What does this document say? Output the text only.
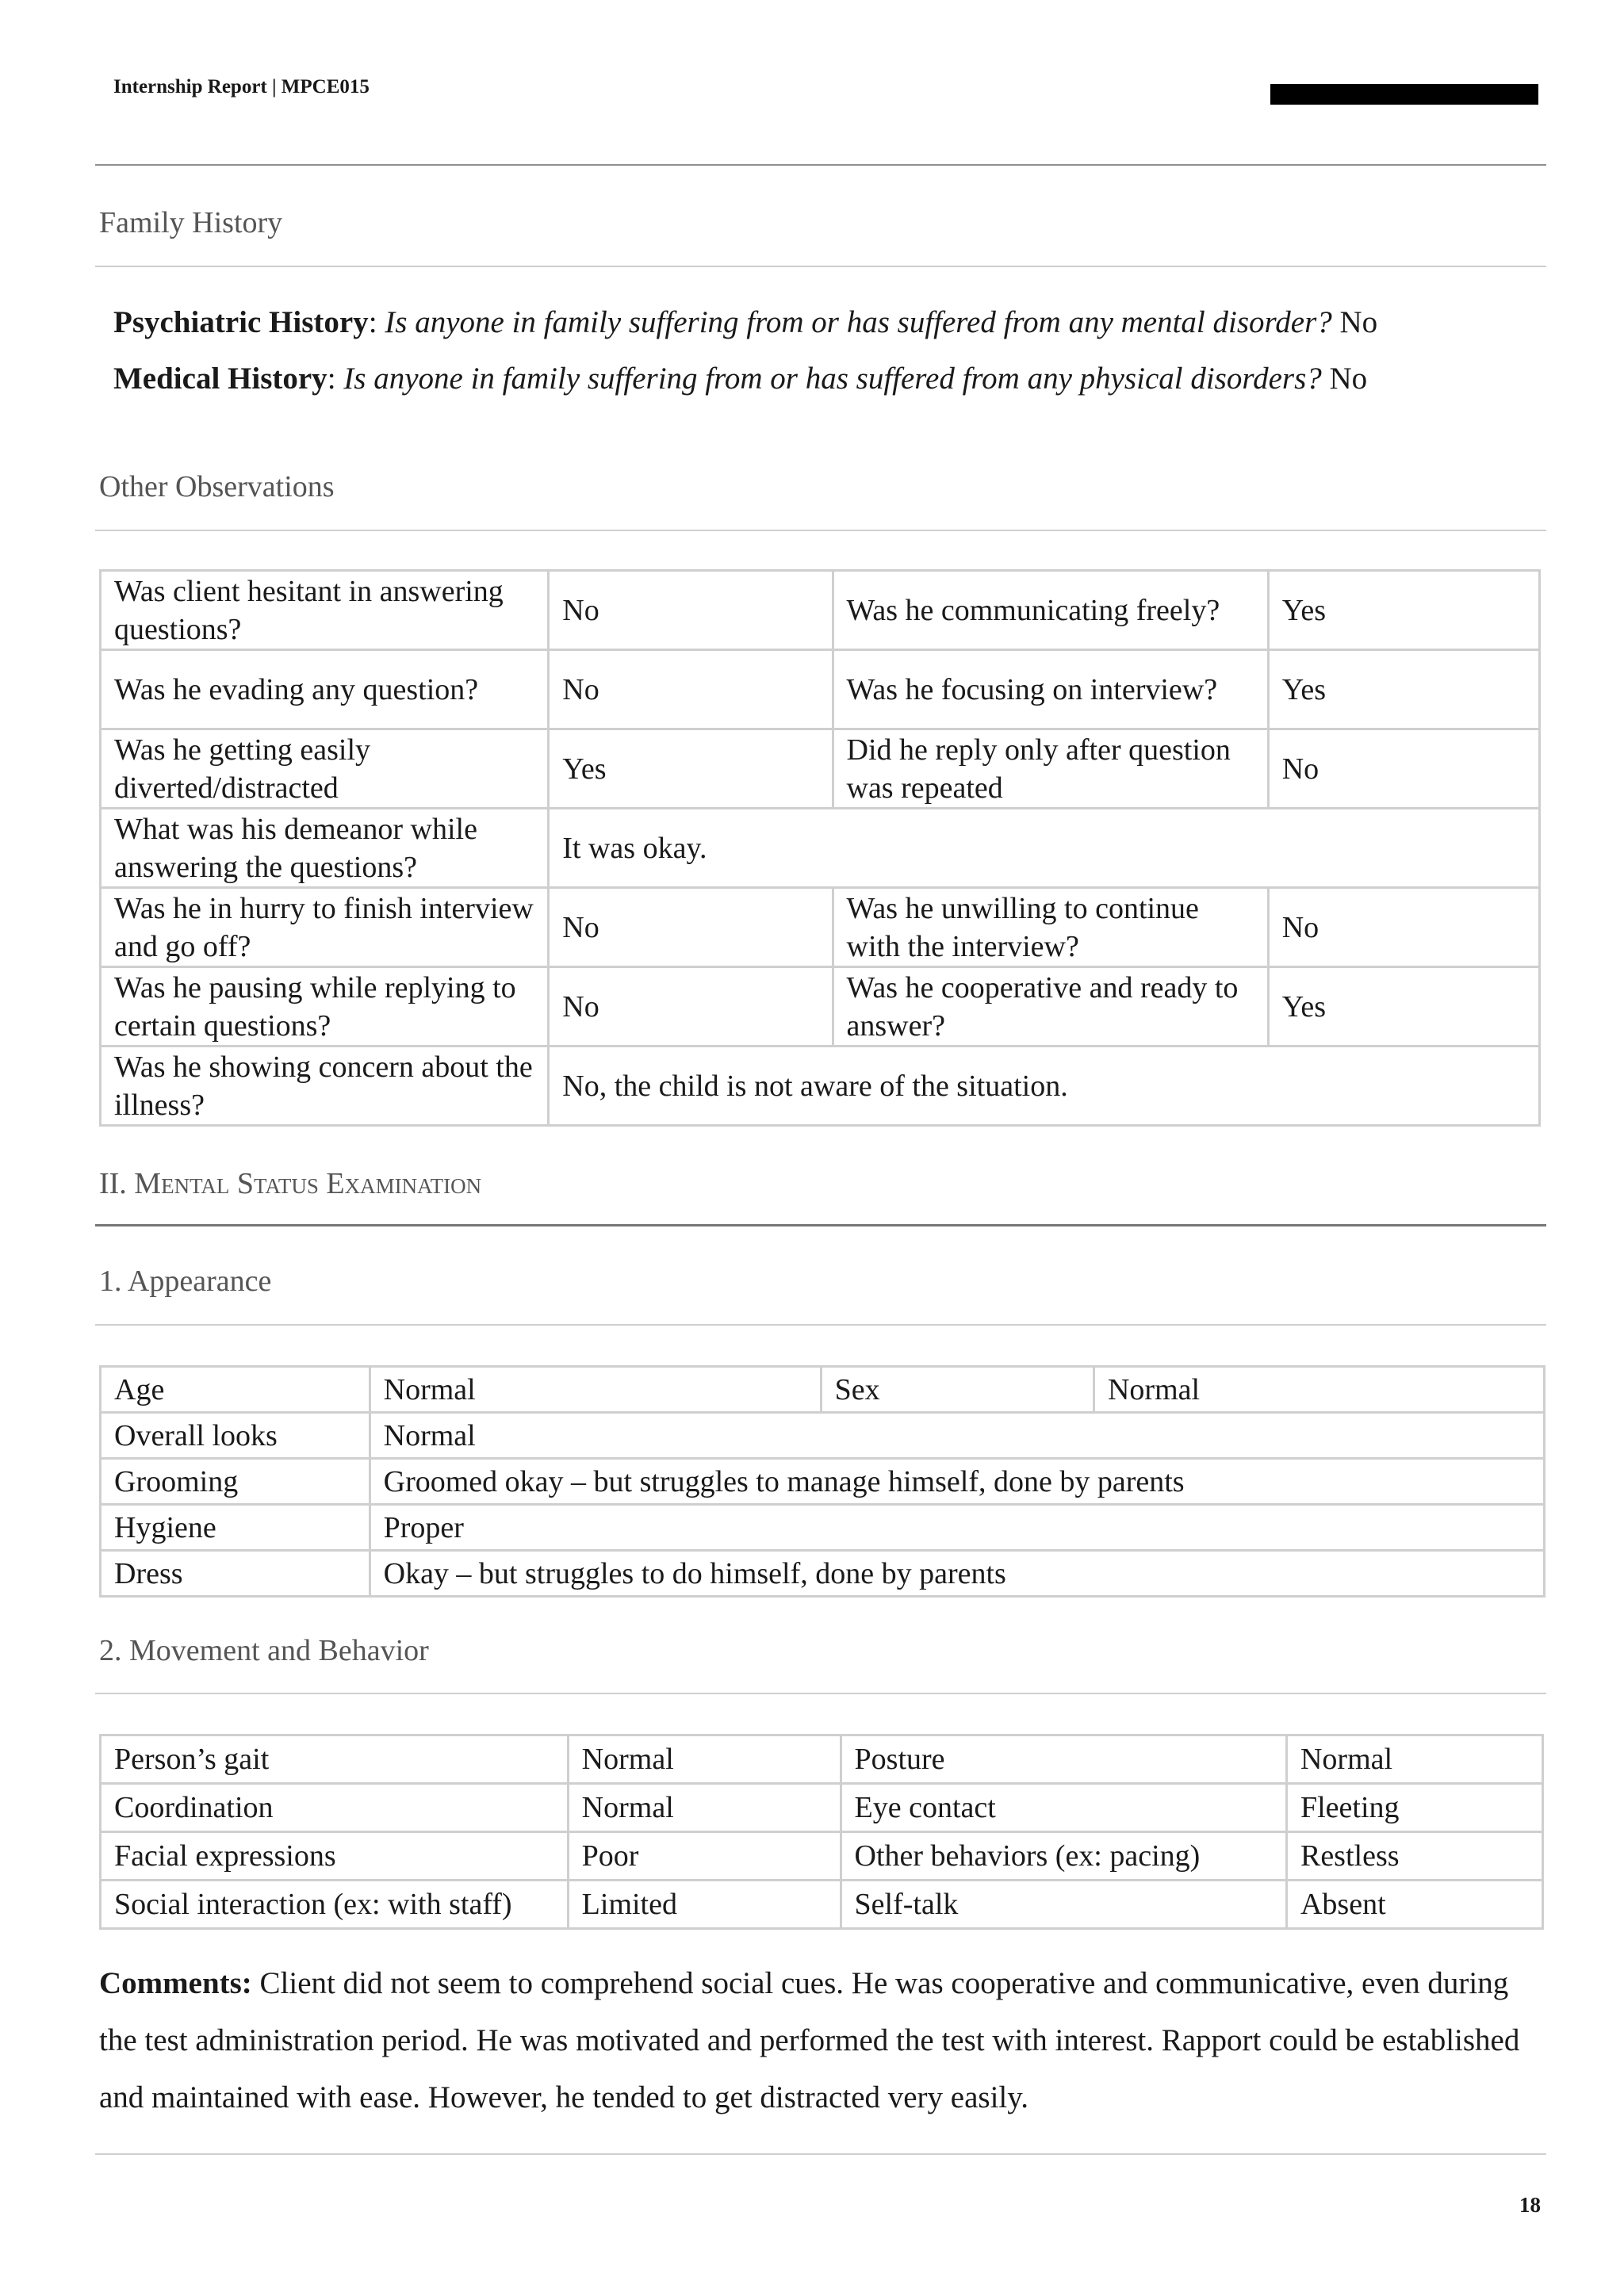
Internship Report | MPCE015
Family History
Psychiatric History: Is anyone in family suffering from or has suffered from any mental disorder? No
Medical History: Is anyone in family suffering from or has suffered from any physical disorders? No
Other Observations
Was client hesitant in answering questions?	No	Was he communicating freely?	Yes
Was he evading any question?	No	Was he focusing on interview?	Yes
Was he getting easily diverted/distracted	Yes	Did he reply only after question was repeated	No
What was his demeanor while answering the questions?	It was okay.		
Was he in hurry to finish interview and go off?	No	Was he unwilling to continue with the interview?	No
Was he pausing while replying to certain questions?	No	Was he cooperative and ready to answer?	Yes
Was he showing concern about the illness?	No, the child is not aware of the situation.		
II. Mental Status Examination
1. Appearance
Age	Normal	Sex	Normal
Overall looks	Normal		
Grooming	Groomed okay – but struggles to manage himself, done by parents		
Hygiene	Proper		
Dress	Okay – but struggles to do himself, done by parents		
2. Movement and Behavior
Person’s gait	Normal	Posture	Normal
Coordination	Normal	Eye contact	Fleeting
Facial expressions	Poor	Other behaviors (ex: pacing)	Restless
Social interaction (ex: with staff)	Limited	Self-talk	Absent
Comments: Client did not seem to comprehend social cues. He was cooperative and communicative, even during the test administration period. He was motivated and performed the test with interest. Rapport could be established and maintained with ease. However, he tended to get distracted very easily.
18
